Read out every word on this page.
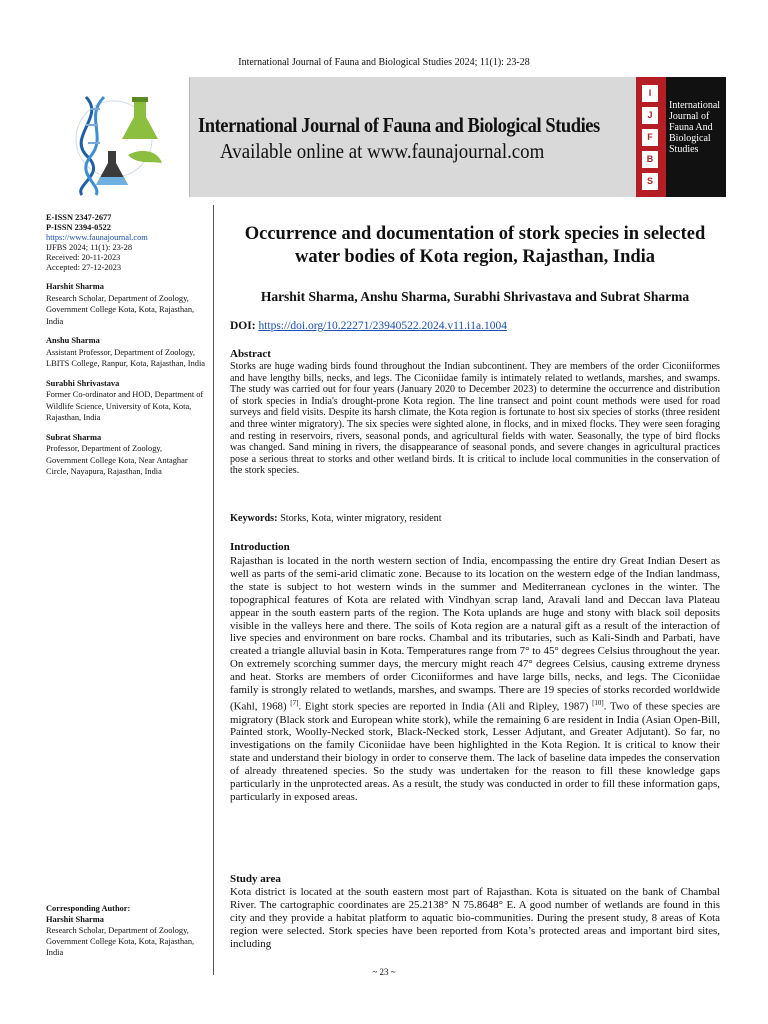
International Journal of Fauna and Biological Studies 2024; 11(1): 23-28
International Journal of Fauna and Biological Studies
Available online at www.faunajournal.com
I
J
F
B
S
International Journal of Fauna And Biological Studies
E-ISSN 2347-2677
P-ISSN 2394-0522
https://www.faunajournal.com
IJFBS 2024; 11(1): 23-28
Received: 20-11-2023
Accepted: 27-12-2023
Harshit Sharma
Research Scholar, Department of Zoology, Government College Kota, Kota, Rajasthan, India
Anshu Sharma
Assistant Professor, Department of Zoology, LBITS College, Ranpur, Kota, Rajasthan, India
Surabhi Shrivastava
Former Co-ordinator and HOD, Department of Wildlife Science, University of Kota, Kota, Rajasthan, India
Subrat Sharma
Professor, Department of Zoology, Government College Kota, Near Antaghar Circle, Nayapura, Rajasthan, India
Occurrence and documentation of stork species in selected water bodies of Kota region, Rajasthan, India
Harshit Sharma, Anshu Sharma, Surabhi Shrivastava and Subrat Sharma
DOI: https://doi.org/10.22271/23940522.2024.v11.i1a.1004
Abstract
Storks are huge wading birds found throughout the Indian subcontinent. They are members of the order Ciconiiformes and have lengthy bills, necks, and legs. The Ciconiidae family is intimately related to wetlands, marshes, and swamps. The study was carried out for four years (January 2020 to December 2023) to determine the occurrence and distribution of stork species in India's drought-prone Kota region. The line transect and point count methods were used for road surveys and field visits. Despite its harsh climate, the Kota region is fortunate to host six species of storks (three resident and three winter migratory). The six species were sighted alone, in flocks, and in mixed flocks. They were seen foraging and resting in reservoirs, rivers, seasonal ponds, and agricultural fields with water. Seasonally, the type of bird flocks was changed. Sand mining in rivers, the disappearance of seasonal ponds, and severe changes in agricultural practices pose a serious threat to storks and other wetland birds. It is critical to include local communities in the conservation of the stork species.
Keywords: Storks, Kota, winter migratory, resident
Introduction
Rajasthan is located in the north western section of India, encompassing the entire dry Great Indian Desert as well as parts of the semi-arid climatic zone. Because to its location on the western edge of the Indian landmass, the state is subject to hot western winds in the summer and Mediterranean cyclones in the winter. The topographical features of Kota are related with Vindhyan scrap land, Aravali land and Deccan lava Plateau appear in the south eastern parts of the region. The Kota uplands are huge and stony with black soil deposits visible in the valleys here and there. The soils of Kota region are a natural gift as a result of the interaction of live species and environment on bare rocks. Chambal and its tributaries, such as Kali-Sindh and Parbati, have created a triangle alluvial basin in Kota. Temperatures range from 7° to 45° degrees Celsius throughout the year. On extremely scorching summer days, the mercury might reach 47° degrees Celsius, causing extreme dryness and heat. Storks are members of order Ciconiiformes and have large bills, necks, and legs. The Ciconiidae family is strongly related to wetlands, marshes, and swamps. There are 19 species of storks recorded worldwide (Kahl, 1968) [7]. Eight stork species are reported in India (Ali and Ripley, 1987) [10]. Two of these species are migratory (Black stork and European white stork), while the remaining 6 are resident in India (Asian Open-Bill, Painted stork, Woolly-Necked stork, Black-Necked stork, Lesser Adjutant, and Greater Adjutant). So far, no investigations on the family Ciconiidae have been highlighted in the Kota Region. It is critical to know their state and understand their biology in order to conserve them. The lack of baseline data impedes the conservation of already threatened species. So the study was undertaken for the reason to fill these knowledge gaps particularly in the unprotected areas. As a result, the study was conducted in order to fill these information gaps, particularly in exposed areas.
Study area
Kota district is located at the south eastern most part of Rajasthan. Kota is situated on the bank of Chambal River. The cartographic coordinates are 25.2138° N 75.8648° E. A good number of wetlands are found in this city and they provide a habitat platform to aquatic bio-communities. During the present study, 8 areas of Kota region were selected. Stork species have been reported from Kota’s protected areas and important bird sites, including
Corresponding Author:
Harshit Sharma
Research Scholar, Department of Zoology, Government College Kota, Kota, Rajasthan, India
~ 23 ~
